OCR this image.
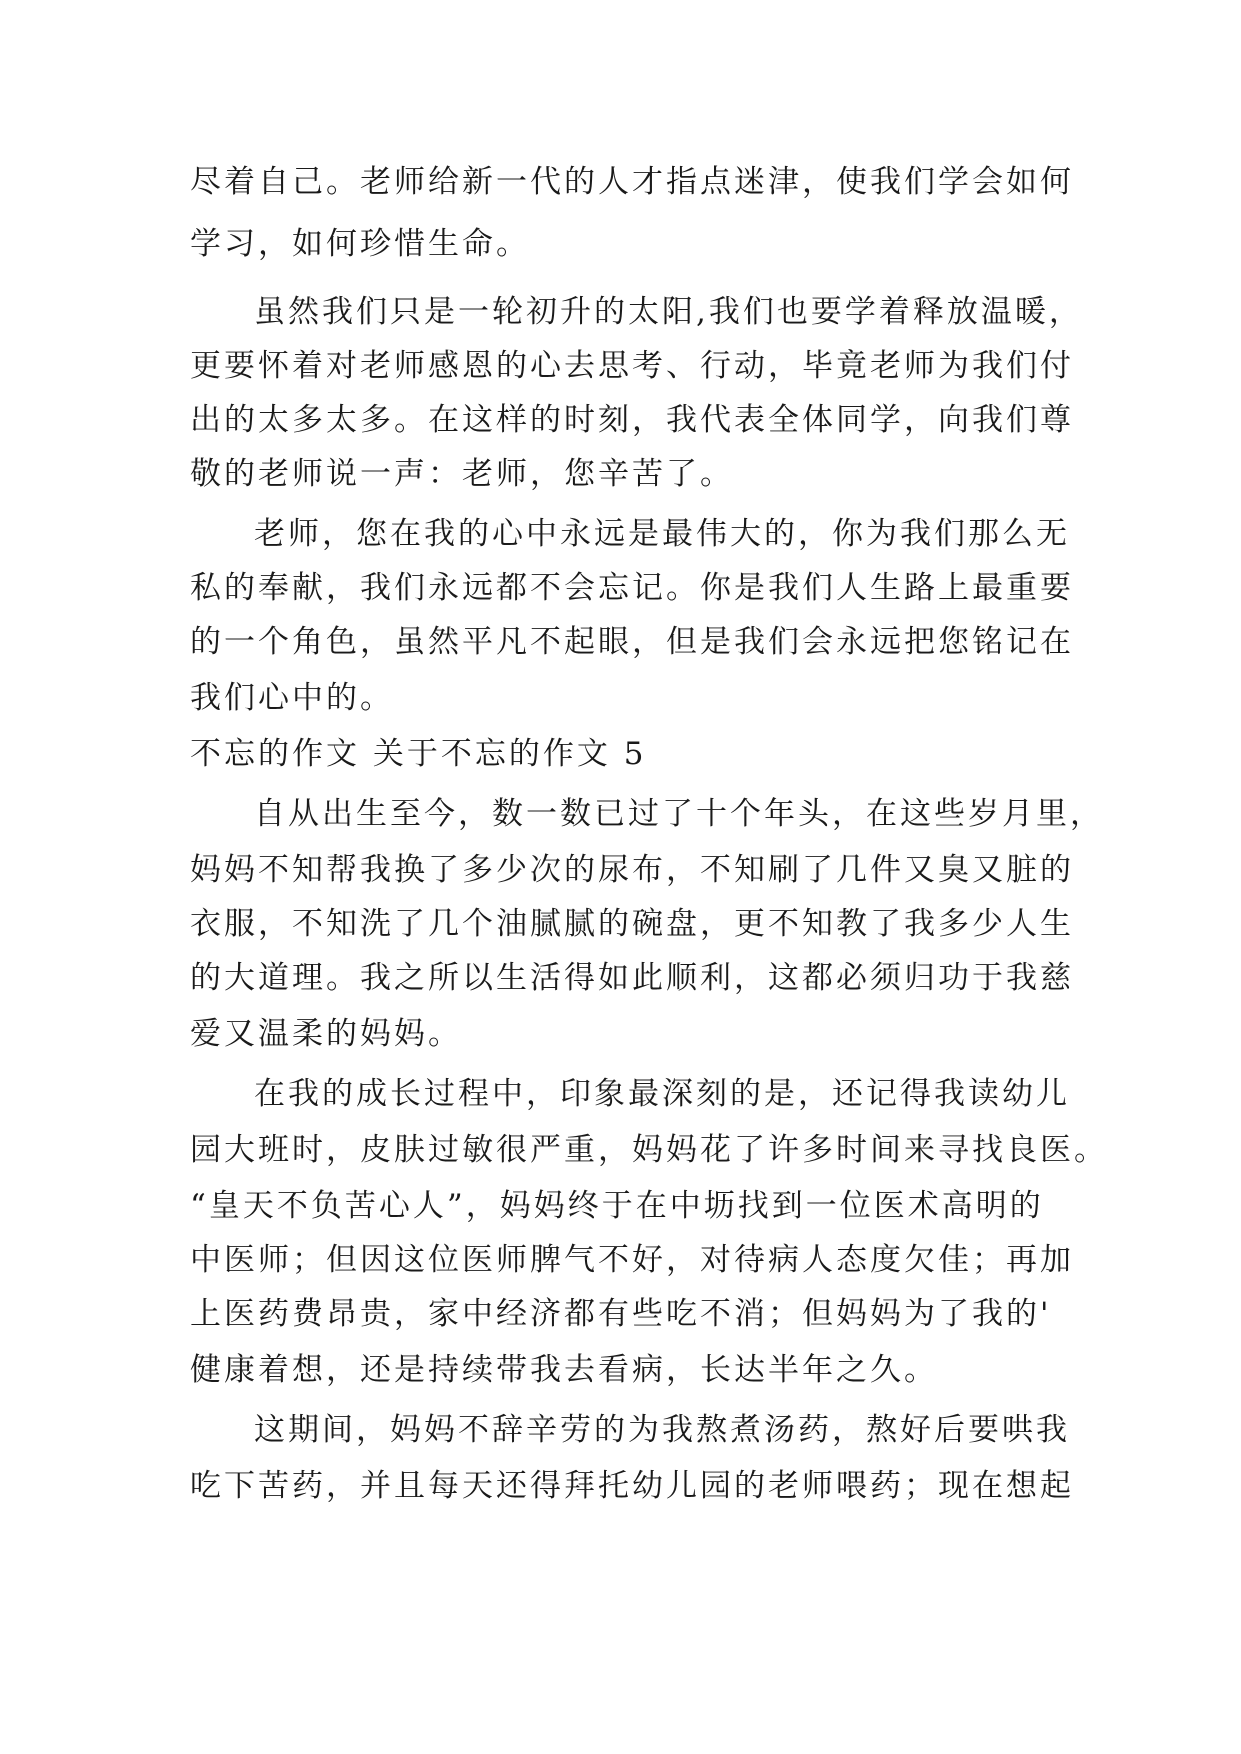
尽着自己。老师给新一代的人才指点迷津，使我们学会如何
学习，如何珍惜生命。
虽然我们只是一轮初升的太阳,我们也要学着释放温暖，
更要怀着对老师感恩的心去思考、行动，毕竟老师为我们付
出的太多太多。在这样的时刻，我代表全体同学，向我们尊
敬的老师说一声：老师，您辛苦了。
老师，您在我的心中永远是最伟大的，你为我们那么无
私的奉献，我们永远都不会忘记。你是我们人生路上最重要
的一个角色，虽然平凡不起眼，但是我们会永远把您铭记在
我们心中的。
不忘的作文 关于不忘的作文 5
自从出生至今，数一数已过了十个年头，在这些岁月里，
妈妈不知帮我换了多少次的尿布，不知刷了几件又臭又脏的
衣服，不知洗了几个油腻腻的碗盘，更不知教了我多少人生
的大道理。我之所以生活得如此顺利，这都必须归功于我慈
爱又温柔的妈妈。
在我的成长过程中，印象最深刻的是，还记得我读幼儿
园大班时，皮肤过敏很严重，妈妈花了许多时间来寻找良医。
“皇天不负苦心人”，妈妈终于在中坜找到一位医术高明的
中医师；但因这位医师脾气不好，对待病人态度欠佳；再加
上医药费昂贵，家中经济都有些吃不消；但妈妈为了我的'
健康着想，还是持续带我去看病，长达半年之久。
这期间，妈妈不辞辛劳的为我熬煮汤药，熬好后要哄我
吃下苦药，并且每天还得拜托幼儿园的老师喂药；现在想起
